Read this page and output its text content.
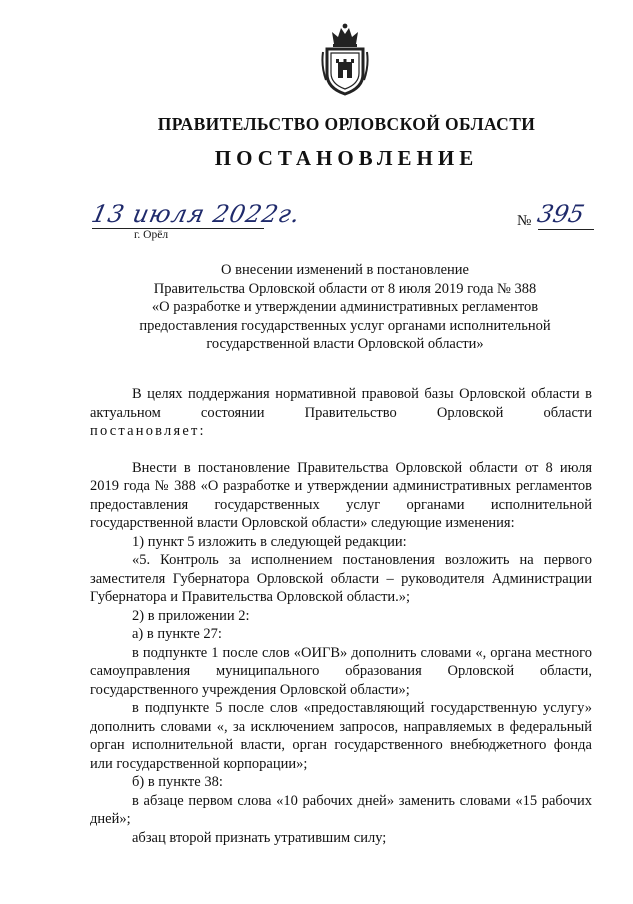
ПРАВИТЕЛЬСТВО ОРЛОВСКОЙ ОБЛАСТИ
ПОСТАНОВЛЕНИЕ
13 июля 2022г.
г. Орёл
№ 395
О внесении изменений в постановление
Правительства Орловской области от 8 июля 2019 года № 388
«О разработке и утверждении административных регламентов
предоставления государственных услуг органами исполнительной
государственной власти Орловской области»

В целях поддержания нормативной правовой базы Орловской области в актуальном состоянии Правительство Орловской области

постановляет:

Внести в постановление Правительства Орловской области от 8 июля 2019 года № 388 «О разработке и утверждении административных регламентов предоставления государственных услуг органами исполнительной государственной власти Орловской области» следующие изменения:

1) пункт 5 изложить в следующей редакции:

«5. Контроль за исполнением постановления возложить на первого заместителя Губернатора Орловской области – руководителя Администрации Губернатора и Правительства Орловской области.»;

2) в приложении 2:

а) в пункте 27:

в подпункте 1 после слов «ОИГВ» дополнить словами «, органа местного самоуправления муниципального образования Орловской области, государственного учреждения Орловской области»;

в подпункте 5 после слов «предоставляющий государственную услугу» дополнить словами «, за исключением запросов, направляемых в федеральный орган исполнительной власти, орган государственного внебюджетного фонда или государственной корпорации»;

б) в пункте 38:

в абзаце первом слова «10 рабочих дней» заменить словами «15 рабочих дней»;

абзац второй признать утратившим силу;
